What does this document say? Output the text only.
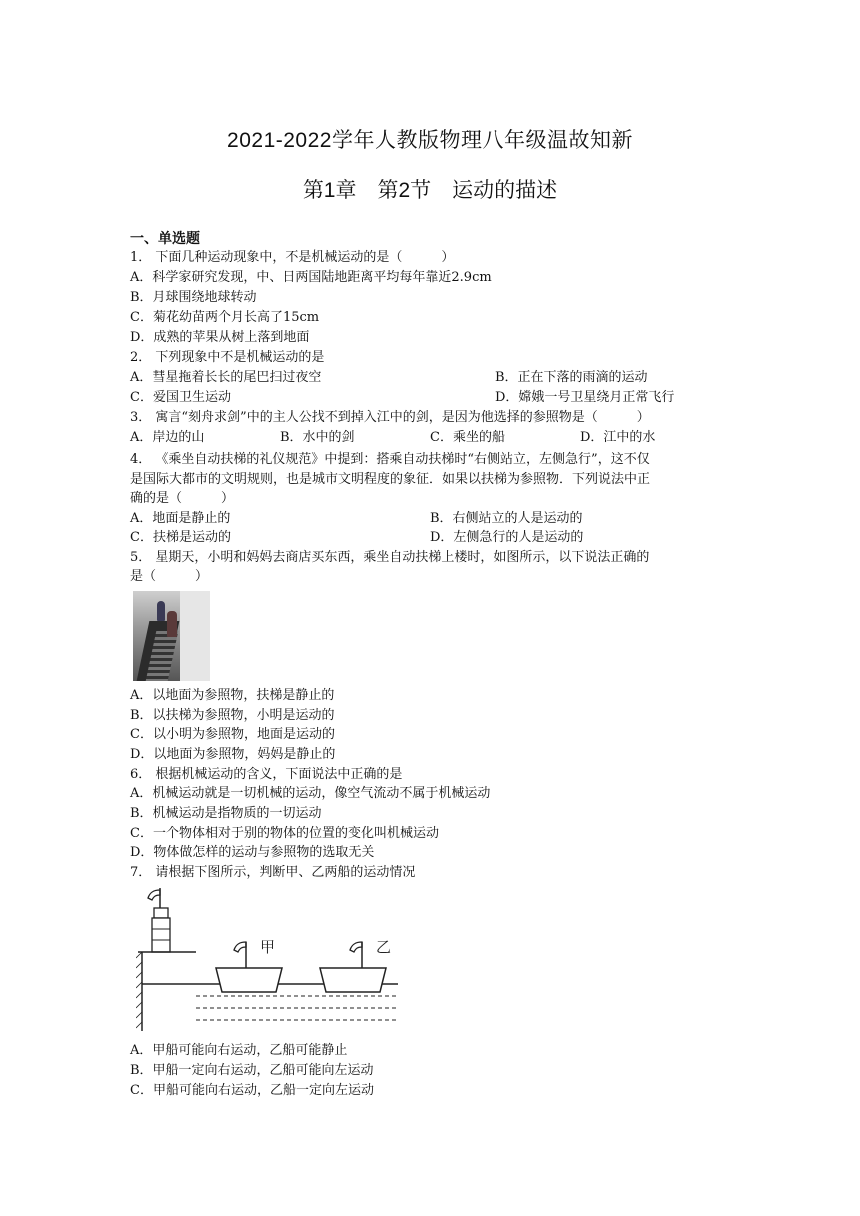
2021-2022学年人教版物理八年级温故知新
第1章　第2节　运动的描述
一、单选题
1． 下面几种运动现象中，不是机械运动的是（　　　）
A．科学家研究发现，中、日两国陆地距离平均每年靠近2.9cm
B．月球围绕地球转动
C．菊花幼苗两个月长高了15cm
D．成熟的苹果从树上落到地面
2． 下列现象中不是机械运动的是
A．彗星拖着长长的尾巴扫过夜空	B．正在下落的雨滴的运动
C．爱国卫生运动	D．嫦娥一号卫星绕月正常飞行
3． 寓言“刻舟求剑”中的主人公找不到掉入江中的剑，是因为他选择的参照物是（　　　）
A．岸边的山	B．水中的剑	C．乘坐的船	D．江中的水
4． 《乘坐自动扶梯的礼仪规范》中提到：搭乘自动扶梯时“右侧站立，左侧急行”，这不仅
是国际大都市的文明规则，也是城市文明程度的象征．如果以扶梯为参照物．下列说法中正
确的是（　　　）
A．地面是静止的	B．右侧站立的人是运动的
C．扶梯是运动的	D．左侧急行的人是运动的
5． 星期天，小明和妈妈去商店买东西，乘坐自动扶梯上楼时，如图所示，以下说法正确的
是（　　　）
A．以地面为参照物，扶梯是静止的
B．以扶梯为参照物，小明是运动的
C．以小明为参照物，地面是运动的
D．以地面为参照物，妈妈是静止的
6． 根据机械运动的含义，下面说法中正确的是
A．机械运动就是一切机械的运动，像空气流动不属于机械运动
B．机械运动是指物质的一切运动
C．一个物体相对于别的物体的位置的变化叫机械运动
D．物体做怎样的运动与参照物的选取无关
7． 请根据下图所示，判断甲、乙两船的运动情况
甲	乙
A．甲船可能向右运动，乙船可能静止
B．甲船一定向右运动，乙船可能向左运动
C．甲船可能向右运动，乙船一定向左运动
